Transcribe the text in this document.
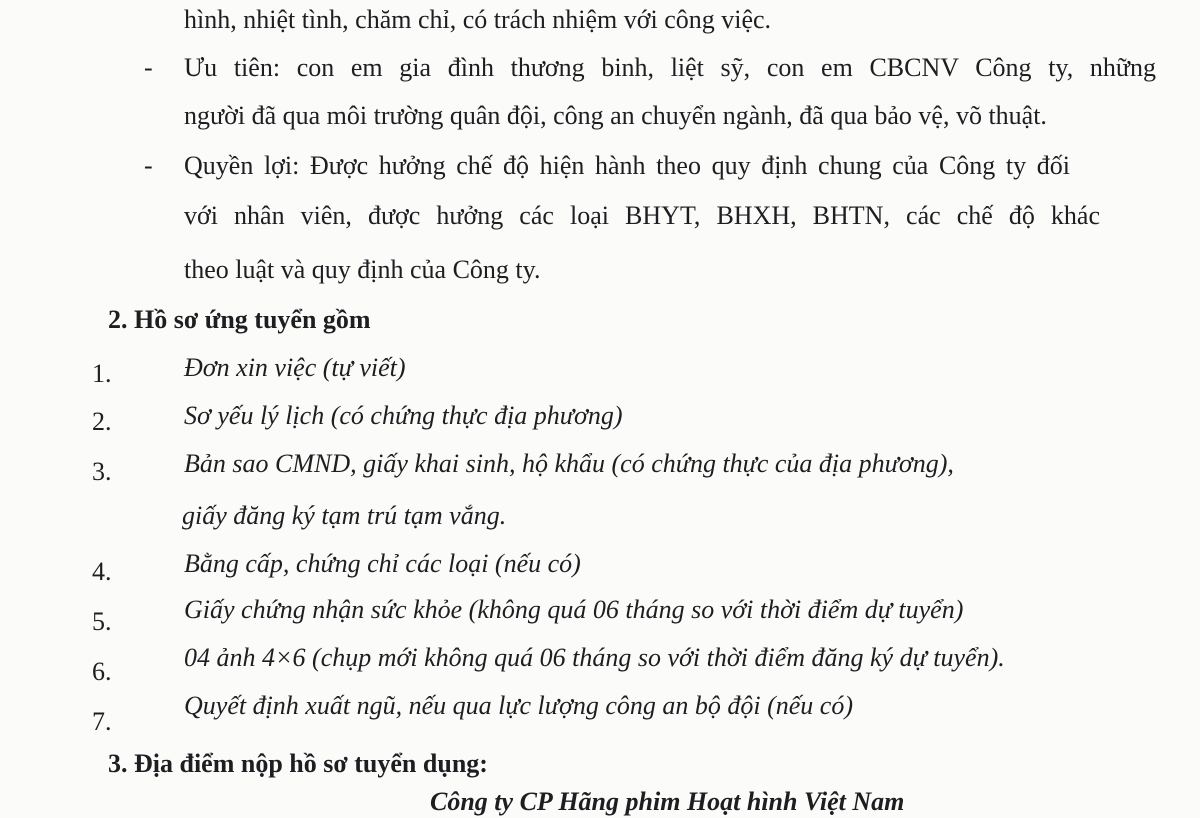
hình, nhiệt tình, chăm chỉ, có trách nhiệm với công việc.
- Ưu tiên: con em gia đình thương binh, liệt sỹ, con em CBCNV Công ty, những
người đã qua môi trường quân đội, công an chuyển ngành, đã qua bảo vệ, võ thuật.
- Quyền lợi: Được hưởng chế độ hiện hành theo quy định chung của Công ty đối
với nhân viên, được hưởng các loại BHYT, BHXH, BHTN, các chế độ khác
theo luật và quy định của Công ty.
2. Hồ sơ ứng tuyển gồm
1.	Đơn xin việc (tự viết)
2.	Sơ yếu lý lịch (có chứng thực địa phương)
3.	Bản sao CMND, giấy khai sinh, hộ khẩu (có chứng thực của địa phương),
giấy đăng ký tạm trú tạm vắng.
4.	Bằng cấp, chứng chỉ các loại (nếu có)
5.	Giấy chứng nhận sức khỏe (không quá 06 tháng so với thời điểm dự tuyển)
6.	04 ảnh 4×6 (chụp mới không quá 06 tháng so với thời điểm đăng ký dự tuyển).
7.
Quyết định xuất ngũ, nếu qua lực lượng công an bộ đội (nếu có)
3. Địa điểm nộp hồ sơ tuyển dụng:
Công ty CP Hãng phim Hoạt hình Việt Nam
